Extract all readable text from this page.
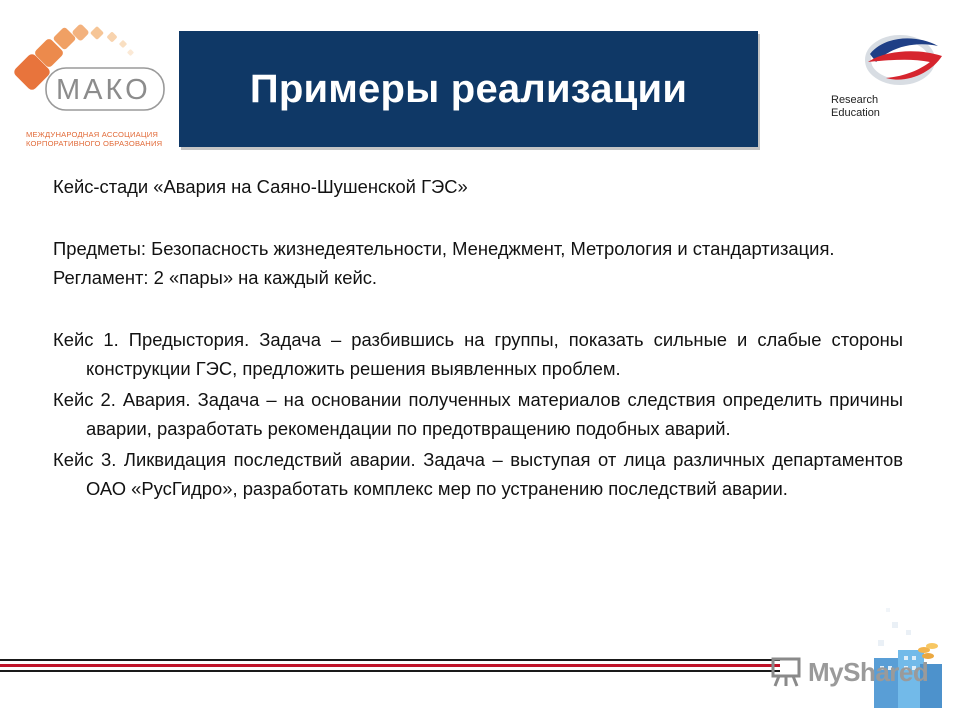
МАКО
МЕЖДУНАРОДНАЯ АССОЦИАЦИЯ
КОРПОРАТИВНОГО ОБРАЗОВАНИЯ
Примеры реализации	Research
Education

Кейс-стади «Авария на Саяно-Шушенской ГЭС»

Предметы: Безопасность жизнедеятельности, Менеджмент, Метрология и стандартизация.

Регламент: 2 «пары» на каждый кейс.

Кейс 1. Предыстория. Задача – разбившись на группы, показать сильные и слабые стороны конструкции ГЭС, предложить решения выявленных проблем.

Кейс 2. Авария. Задача – на основании полученных материалов следствия определить причины аварии, разработать рекомендации по предотвращению подобных аварий.

Кейс 3. Ликвидация последствий аварии. Задача – выступая от лица различных департаментов ОАО «РусГидро», разработать комплекс мер по устранению последствий аварии.

MyShared
